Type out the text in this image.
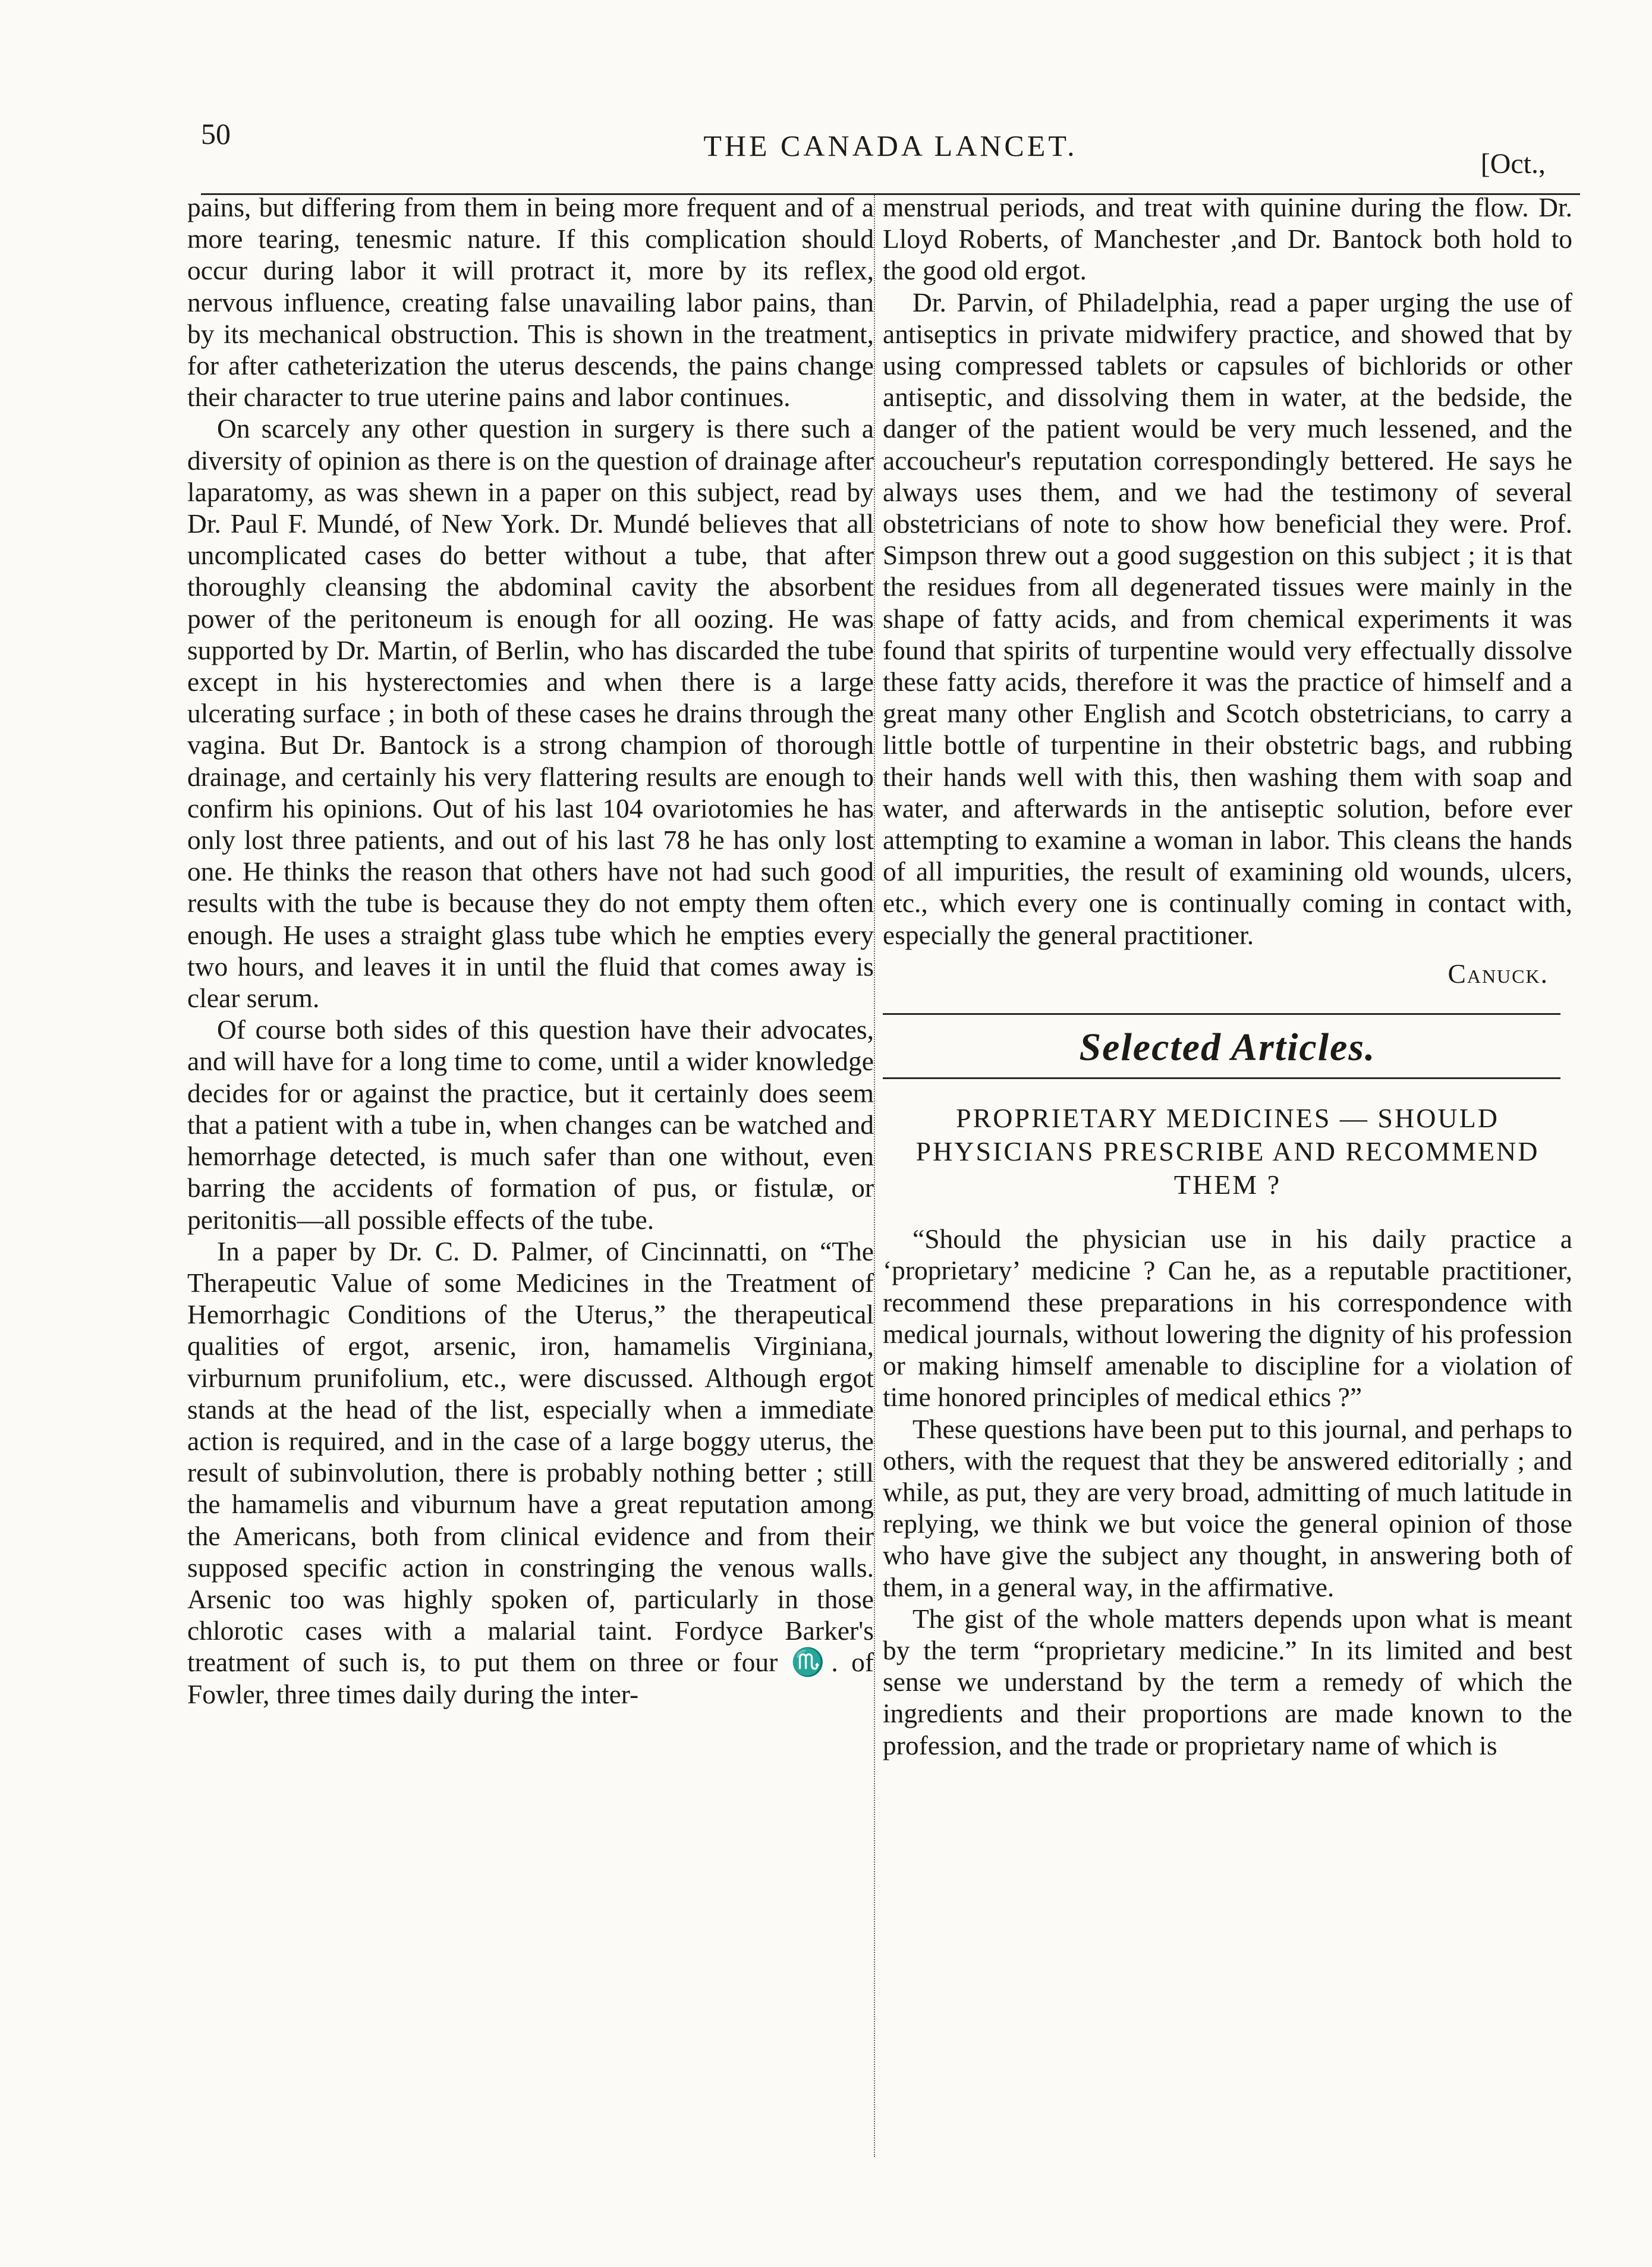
50	THE CANADA LANCET.
[Oct.,

pains, but differing from them in being more frequent and of a more tearing, tenesmic nature. If this complication should occur during labor it will protract it, more by its reflex, nervous influence, creating false unavailing labor pains, than by its mechanical obstruction. This is shown in the treatment, for after catheterization the uterus descends, the pains change their character to true uterine pains and labor continues.

On scarcely any other question in surgery is there such a diversity of opinion as there is on the question of drainage after laparatomy, as was shewn in a paper on this subject, read by Dr. Paul F. Mundé, of New York. Dr. Mundé believes that all uncomplicated cases do better without a tube, that after thoroughly cleansing the abdominal cavity the absorbent power of the peritoneum is enough for all oozing. He was supported by Dr. Martin, of Berlin, who has discarded the tube except in his hysterectomies and when there is a large ulcerating surface ; in both of these cases he drains through the vagina. But Dr. Bantock is a strong champion of thorough drainage, and certainly his very flattering results are enough to confirm his opinions. Out of his last 104 ovariotomies he has only lost three patients, and out of his last 78 he has only lost one. He thinks the reason that others have not had such good results with the tube is because they do not empty them often enough. He uses a straight glass tube which he empties every two hours, and leaves it in until the fluid that comes away is clear serum.

Of course both sides of this question have their advocates, and will have for a long time to come, until a wider knowledge decides for or against the practice, but it certainly does seem that a patient with a tube in, when changes can be watched and hemorrhage detected, is much safer than one without, even barring the accidents of formation of pus, or fistulæ, or peritonitis—all possible effects of the tube.

In a paper by Dr. C. D. Palmer, of Cincinnatti, on “The Therapeutic Value of some Medicines in the Treatment of Hemorrhagic Conditions of the Uterus,” the therapeutical qualities of ergot, arsenic, iron, hamamelis Virginiana, virburnum prunifolium, etc., were discussed. Although ergot stands at the head of the list, especially when a immediate action is required, and in the case of a large boggy uterus, the result of subinvolution, there is probably nothing better ; still the hamamelis and viburnum have a great reputation among the Americans, both from clinical evidence and from their supposed specific action in constringing the venous walls. Arsenic too was highly spoken of, particularly in those chlorotic cases with a malarial taint. Fordyce Barker's treatment of such is, to put them on three or four ♏. of Fowler, three times daily during the inter-

menstrual periods, and treat with quinine during the flow. Dr. Lloyd Roberts, of Manchester ,and Dr. Bantock both hold to the good old ergot.

Dr. Parvin, of Philadelphia, read a paper urging the use of antiseptics in private midwifery practice, and showed that by using compressed tablets or capsules of bichlorids or other antiseptic, and dissolving them in water, at the bedside, the danger of the patient would be very much lessened, and the accoucheur's reputation correspondingly bettered. He says he always uses them, and we had the testimony of several obstetricians of note to show how beneficial they were. Prof. Simpson threw out a good suggestion on this subject ; it is that the residues from all degenerated tissues were mainly in the shape of fatty acids, and from chemical experiments it was found that spirits of turpentine would very effectually dissolve these fatty acids, therefore it was the practice of himself and a great many other English and Scotch obstetricians, to carry a little bottle of turpentine in their obstetric bags, and rubbing their hands well with this, then washing them with soap and water, and afterwards in the antiseptic solution, before ever attempting to examine a woman in labor. This cleans the hands of all impurities, the result of examining old wounds, ulcers, etc., which every one is continually coming in contact with, especially the general practitioner.

Canuck.

Selected Articles.

PROPRIETARY MEDICINES — SHOULD PHYSICIANS PRESCRIBE AND RECOMMEND THEM ?

“Should the physician use in his daily practice a ‘proprietary’ medicine ? Can he, as a reputable practitioner, recommend these preparations in his correspondence with medical journals, without lowering the dignity of his profession or making himself amenable to discipline for a violation of time honored principles of medical ethics ?”

These questions have been put to this journal, and perhaps to others, with the request that they be answered editorially ; and while, as put, they are very broad, admitting of much latitude in replying, we think we but voice the general opinion of those who have give the subject any thought, in answering both of them, in a general way, in the affirmative.

The gist of the whole matters depends upon what is meant by the term “proprietary medicine.” In its limited and best sense we understand by the term a remedy of which the ingredients and their proportions are made known to the profession, and the trade or proprietary name of which is
